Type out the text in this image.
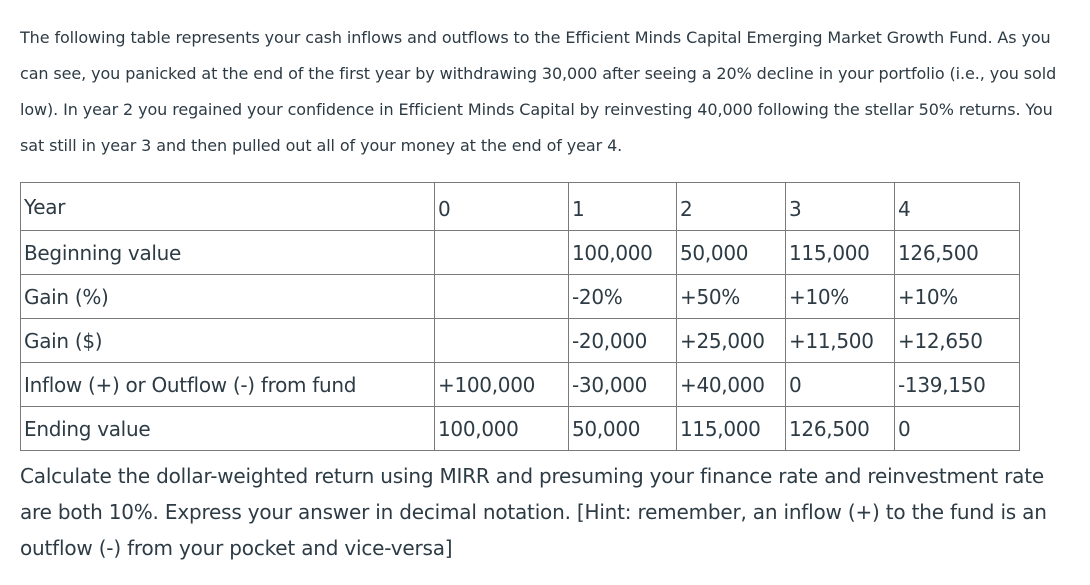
The following table represents your cash inflows and outflows to the Efficient Minds Capital Emerging Market Growth Fund. As you can see, you panicked at the end of the first year by withdrawing 30,000 after seeing a 20% decline in your portfolio (i.e., you sold low). In year 2 you regained your confidence in Efficient Minds Capital by reinvesting 40,000 following the stellar 50% returns. You sat still in year 3 and then pulled out all of your money at the end of year 4.

Year	0	1	2	3	4
Beginning value		100,000	50,000	115,000	126,500
Gain (%)		-20%	+50%	+10%	+10%
Gain ($)		-20,000	+25,000	+11,500	+12,650
Inflow (+) or Outflow (-) from fund	+100,000	-30,000	+40,000	0	-139,150
Ending value	100,000	50,000	115,000	126,500	0

Calculate the dollar-weighted return using MIRR and presuming your finance rate and reinvestment rate are both 10%. Express your answer in decimal notation. [Hint: remember, an inflow (+) to the fund is an outflow (-) from your pocket and vice-versa]
